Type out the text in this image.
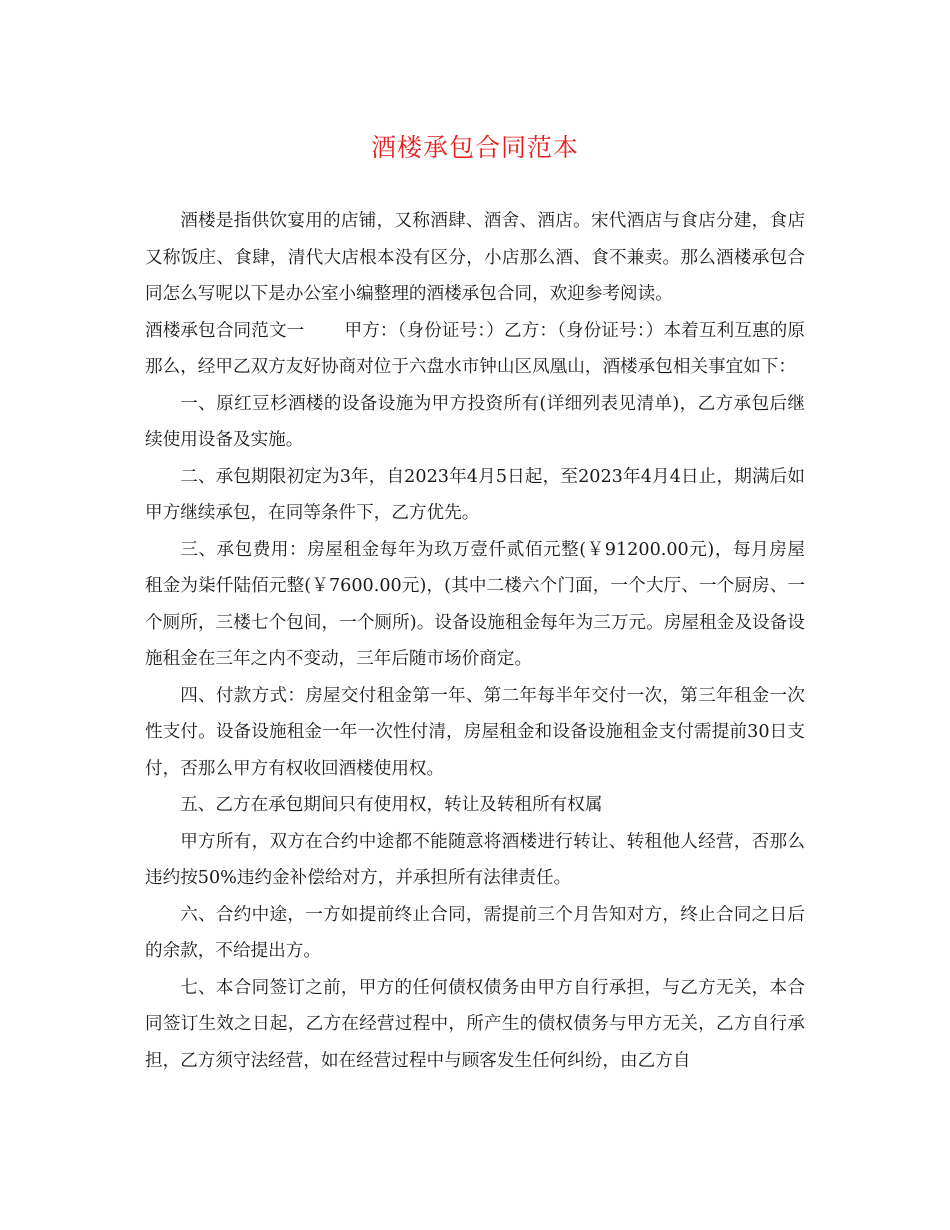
酒楼承包合同范本

酒楼是指供饮宴用的店铺，又称酒肆、酒舍、酒店。宋代酒店与食店分建，食店又称饭庄、食肆，清代大店根本没有区分，小店那么酒、食不兼卖。那么酒楼承包合同怎么写呢以下是办公室小编整理的酒楼承包合同，欢迎参考阅读。

酒楼承包合同范文一 甲方：（身份证号：）乙方：（身份证号：）本着互利互惠的原那么，经甲乙双方友好协商对位于六盘水市钟山区凤凰山，酒楼承包相关事宜如下：

一、原红豆杉酒楼的设备设施为甲方投资所有(详细列表见清单)，乙方承包后继续使用设备及实施。

二、承包期限初定为3年，自2023年4月5日起，至2023年4月4日止，期满后如甲方继续承包，在同等条件下，乙方优先。

三、承包费用：房屋租金每年为玖万壹仟贰佰元整(￥91200.00元)，每月房屋租金为柒仟陆佰元整(￥7600.00元)，(其中二楼六个门面，一个大厅、一个厨房、一个厕所，三楼七个包间，一个厕所)。设备设施租金每年为三万元。房屋租金及设备设施租金在三年之内不变动，三年后随市场价商定。

四、付款方式：房屋交付租金第一年、第二年每半年交付一次，第三年租金一次性支付。设备设施租金一年一次性付清，房屋租金和设备设施租金支付需提前30日支付，否那么甲方有权收回酒楼使用权。

五、乙方在承包期间只有使用权，转让及转租所有权属

甲方所有，双方在合约中途都不能随意将酒楼进行转让、转租他人经营，否那么违约按50%违约金补偿给对方，并承担所有法律责任。

六、合约中途，一方如提前终止合同，需提前三个月告知对方，终止合同之日后的余款，不给提出方。

七、本合同签订之前，甲方的任何债权债务由甲方自行承担，与乙方无关，本合同签订生效之日起，乙方在经营过程中，所产生的债权债务与甲方无关，乙方自行承担，乙方须守法经营，如在经营过程中与顾客发生任何纠纷，由乙方自
